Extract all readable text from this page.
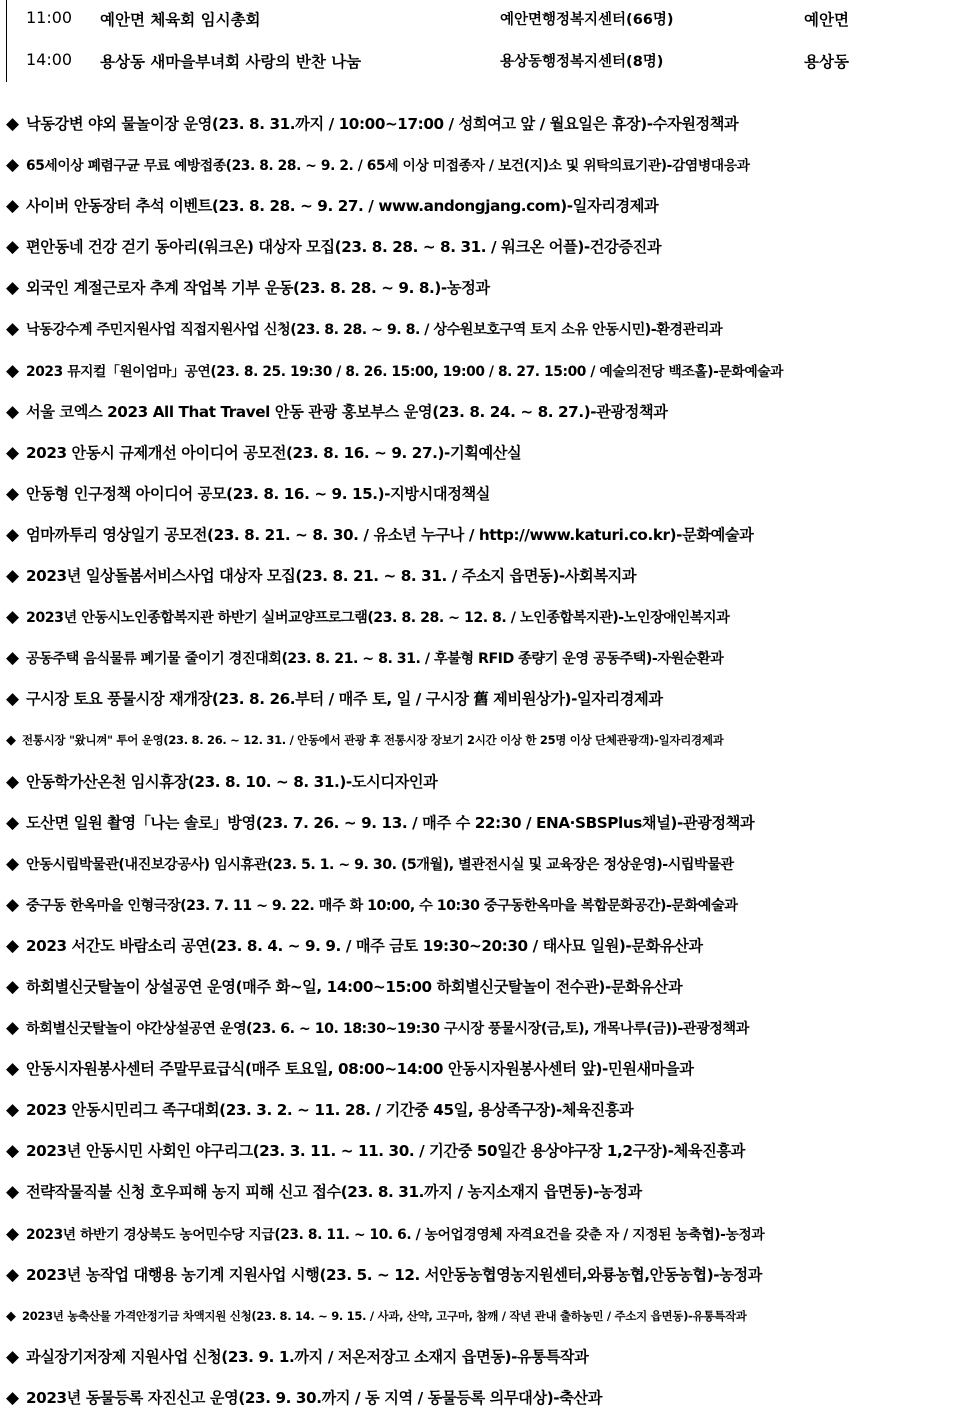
11:00 예안면 체육회 임시총회	예안면행정복지센터(66명)	예안면
14:00 용상동 새마을부녀회 사랑의 반찬 나눔	용상동행정복지센터(8명)	용상동
◆ 낙동강변 야외 물놀이장 운영(23. 8. 31.까지 / 10:00~17:00 / 성희여고 앞 / 월요일은 휴장)-수자원정책과
◆ 65세이상 폐렴구균 무료 예방접종(23. 8. 28. ~ 9. 2. / 65세 이상 미접종자 / 보건(지)소 및 위탁의료기관)-감염병대응과
◆ 사이버 안동장터 추석 이벤트(23. 8. 28. ~ 9. 27. / www.andongjang.com)-일자리경제과
◆ 편안동네 건강 걷기 동아리(워크온) 대상자 모집(23. 8. 28. ~ 8. 31. / 워크온 어플)-건강증진과
◆ 외국인 계절근로자 추계 작업복 기부 운동(23. 8. 28. ~ 9. 8.)-농정과
◆ 낙동강수계 주민지원사업 직접지원사업 신청(23. 8. 28. ~ 9. 8. / 상수원보호구역 토지 소유 안동시민)-환경관리과
◆ 2023 뮤지컬「원이엄마」공연(23. 8. 25. 19:30 / 8. 26. 15:00, 19:00 / 8. 27. 15:00 / 예술의전당 백조홀)-문화예술과
◆ 서울 코엑스 2023 All That Travel 안동 관광 홍보부스 운영(23. 8. 24. ~ 8. 27.)-관광정책과
◆ 2023 안동시 규제개선 아이디어 공모전(23. 8. 16. ~ 9. 27.)-기획예산실
◆ 안동형 인구정책 아이디어 공모(23. 8. 16. ~ 9. 15.)-지방시대정책실
◆ 엄마까투리 영상일기 공모전(23. 8. 21. ~ 8. 30. / 유소년 누구나 / http://www.katuri.co.kr)-문화예술과
◆ 2023년 일상돌봄서비스사업 대상자 모집(23. 8. 21. ~ 8. 31. / 주소지 읍면동)-사회복지과
◆ 2023년 안동시노인종합복지관 하반기 실버교양프로그램(23. 8. 28. ~ 12. 8. / 노인종합복지관)-노인장애인복지과
◆ 공동주택 음식물류 폐기물 줄이기 경진대회(23. 8. 21. ~ 8. 31. / 후불형 RFID 종량기 운영 공동주택)-자원순환과
◆ 구시장 토요 풍물시장 재개장(23. 8. 26.부터 / 매주 토, 일 / 구시장 舊 제비원상가)-일자리경제과
◆ 전통시장 "왔니껴" 투어 운영(23. 8. 26. ~ 12. 31. / 안동에서 관광 후 전통시장 장보기 2시간 이상 한 25명 이상 단체관광객)-일자리경제과
◆ 안동학가산온천 임시휴장(23. 8. 10. ~ 8. 31.)-도시디자인과
◆ 도산면 일원 촬영「나는 솔로」방영(23. 7. 26. ~ 9. 13. / 매주 수 22:30 / ENA·SBSPlus채널)-관광정책과
◆ 안동시립박물관(내진보강공사) 임시휴관(23. 5. 1. ~ 9. 30. (5개월), 별관전시실 및 교육장은 정상운영)-시립박물관
◆ 중구동 한옥마을 인형극장(23. 7. 11 ~ 9. 22. 매주 화 10:00, 수 10:30 중구동한옥마을 복합문화공간)-문화예술과
◆ 2023 서간도 바람소리 공연(23. 8. 4. ~ 9. 9. / 매주 금토 19:30~20:30 / 태사묘 일원)-문화유산과
◆ 하회별신굿탈놀이 상설공연 운영(매주 화~일, 14:00~15:00 하회별신굿탈놀이 전수관)-문화유산과
◆ 하회별신굿탈놀이 야간상설공연 운영(23. 6. ~ 10. 18:30~19:30 구시장 풍물시장(금,토), 개목나루(금))-관광정책과
◆ 안동시자원봉사센터 주말무료급식(매주 토요일, 08:00~14:00 안동시자원봉사센터 앞)-민원새마을과
◆ 2023 안동시민리그 족구대회(23. 3. 2. ~ 11. 28. / 기간중 45일, 용상족구장)-체육진흥과
◆ 2023년 안동시민 사회인 야구리그(23. 3. 11. ~ 11. 30. / 기간중 50일간 용상야구장 1,2구장)-체육진흥과
◆ 전략작물직불 신청 호우피해 농지 피해 신고 접수(23. 8. 31.까지 / 농지소재지 읍면동)-농정과
◆ 2023년 하반기 경상북도 농어민수당 지급(23. 8. 11. ~ 10. 6. / 농어업경영체 자격요건을 갖춘 자 / 지정된 농축협)-농정과
◆ 2023년 농작업 대행용 농기계 지원사업 시행(23. 5. ~ 12. 서안동농협영농지원센터,와룡농협,안동농협)-농정과
◆ 2023년 농축산물 가격안정기금 차액지원 신청(23. 8. 14. ~ 9. 15. / 사과, 산약, 고구마, 참깨 / 작년 관내 출하농민 / 주소지 읍면동)-유통특작과
◆ 과실장기저장제 지원사업 신청(23. 9. 1.까지 / 저온저장고 소재지 읍면동)-유통특작과
◆ 2023년 동물등록 자진신고 운영(23. 9. 30.까지 / 동 지역 / 동물등록 의무대상)-축산과
